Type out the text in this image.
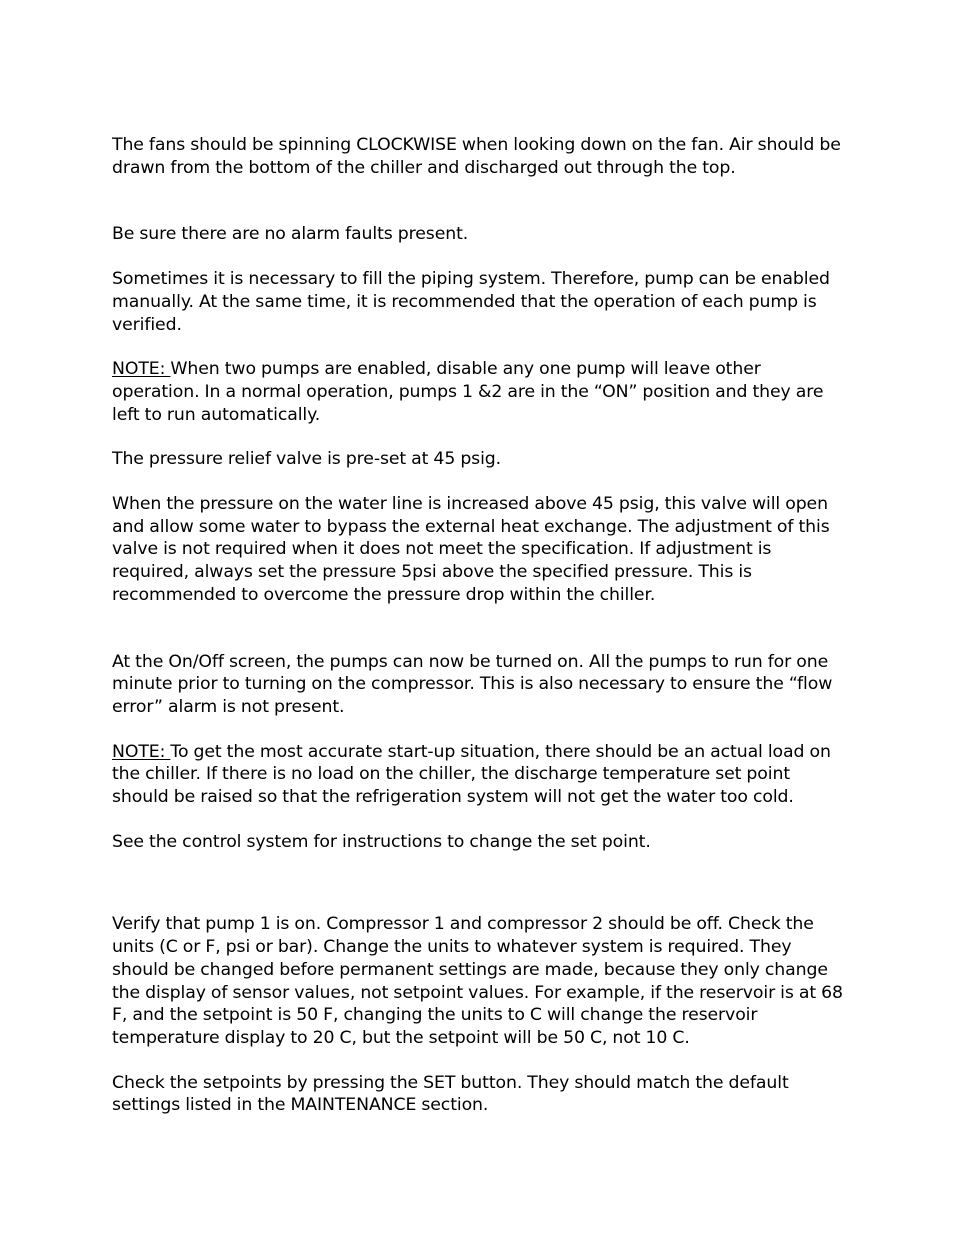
The fans should be spinning CLOCKWISE when looking down on the fan. Air should be drawn from the bottom of the chiller and discharged out through the top.

Be sure there are no alarm faults present.

Sometimes it is necessary to fill the piping system. Therefore, pump can be enabled manually. At the same time, it is recommended that the operation of each pump is verified.

NOTE: When two pumps are enabled, disable any one pump will leave other operation. In a normal operation, pumps 1 &2 are in the “ON” position and they are left to run automatically.

The pressure relief valve is pre-set at 45 psig.

When the pressure on the water line is increased above 45 psig, this valve will open and allow some water to bypass the external heat exchange. The adjustment of this valve is not required when it does not meet the specification. If adjustment is required, always set the pressure 5psi above the specified pressure. This is recommended to overcome the pressure drop within the chiller.

At the On/Off screen, the pumps can now be turned on. All the pumps to run for one minute prior to turning on the compressor. This is also necessary to ensure the “flow error” alarm is not present.

NOTE: To get the most accurate start-up situation, there should be an actual load on the chiller. If there is no load on the chiller, the discharge temperature set point should be raised so that the refrigeration system will not get the water too cold.

See the control system for instructions to change the set point.

Verify that pump 1 is on. Compressor 1 and compressor 2 should be off. Check the units (C or F, psi or bar). Change the units to whatever system is required. They should be changed before permanent settings are made, because they only change the display of sensor values, not setpoint values. For example, if the reservoir is at 68 F, and the setpoint is 50 F, changing the units to C will change the reservoir temperature display to 20 C, but the setpoint will be 50 C, not 10 C.

Check the setpoints by pressing the SET button. They should match the default settings listed in the MAINTENANCE section.
